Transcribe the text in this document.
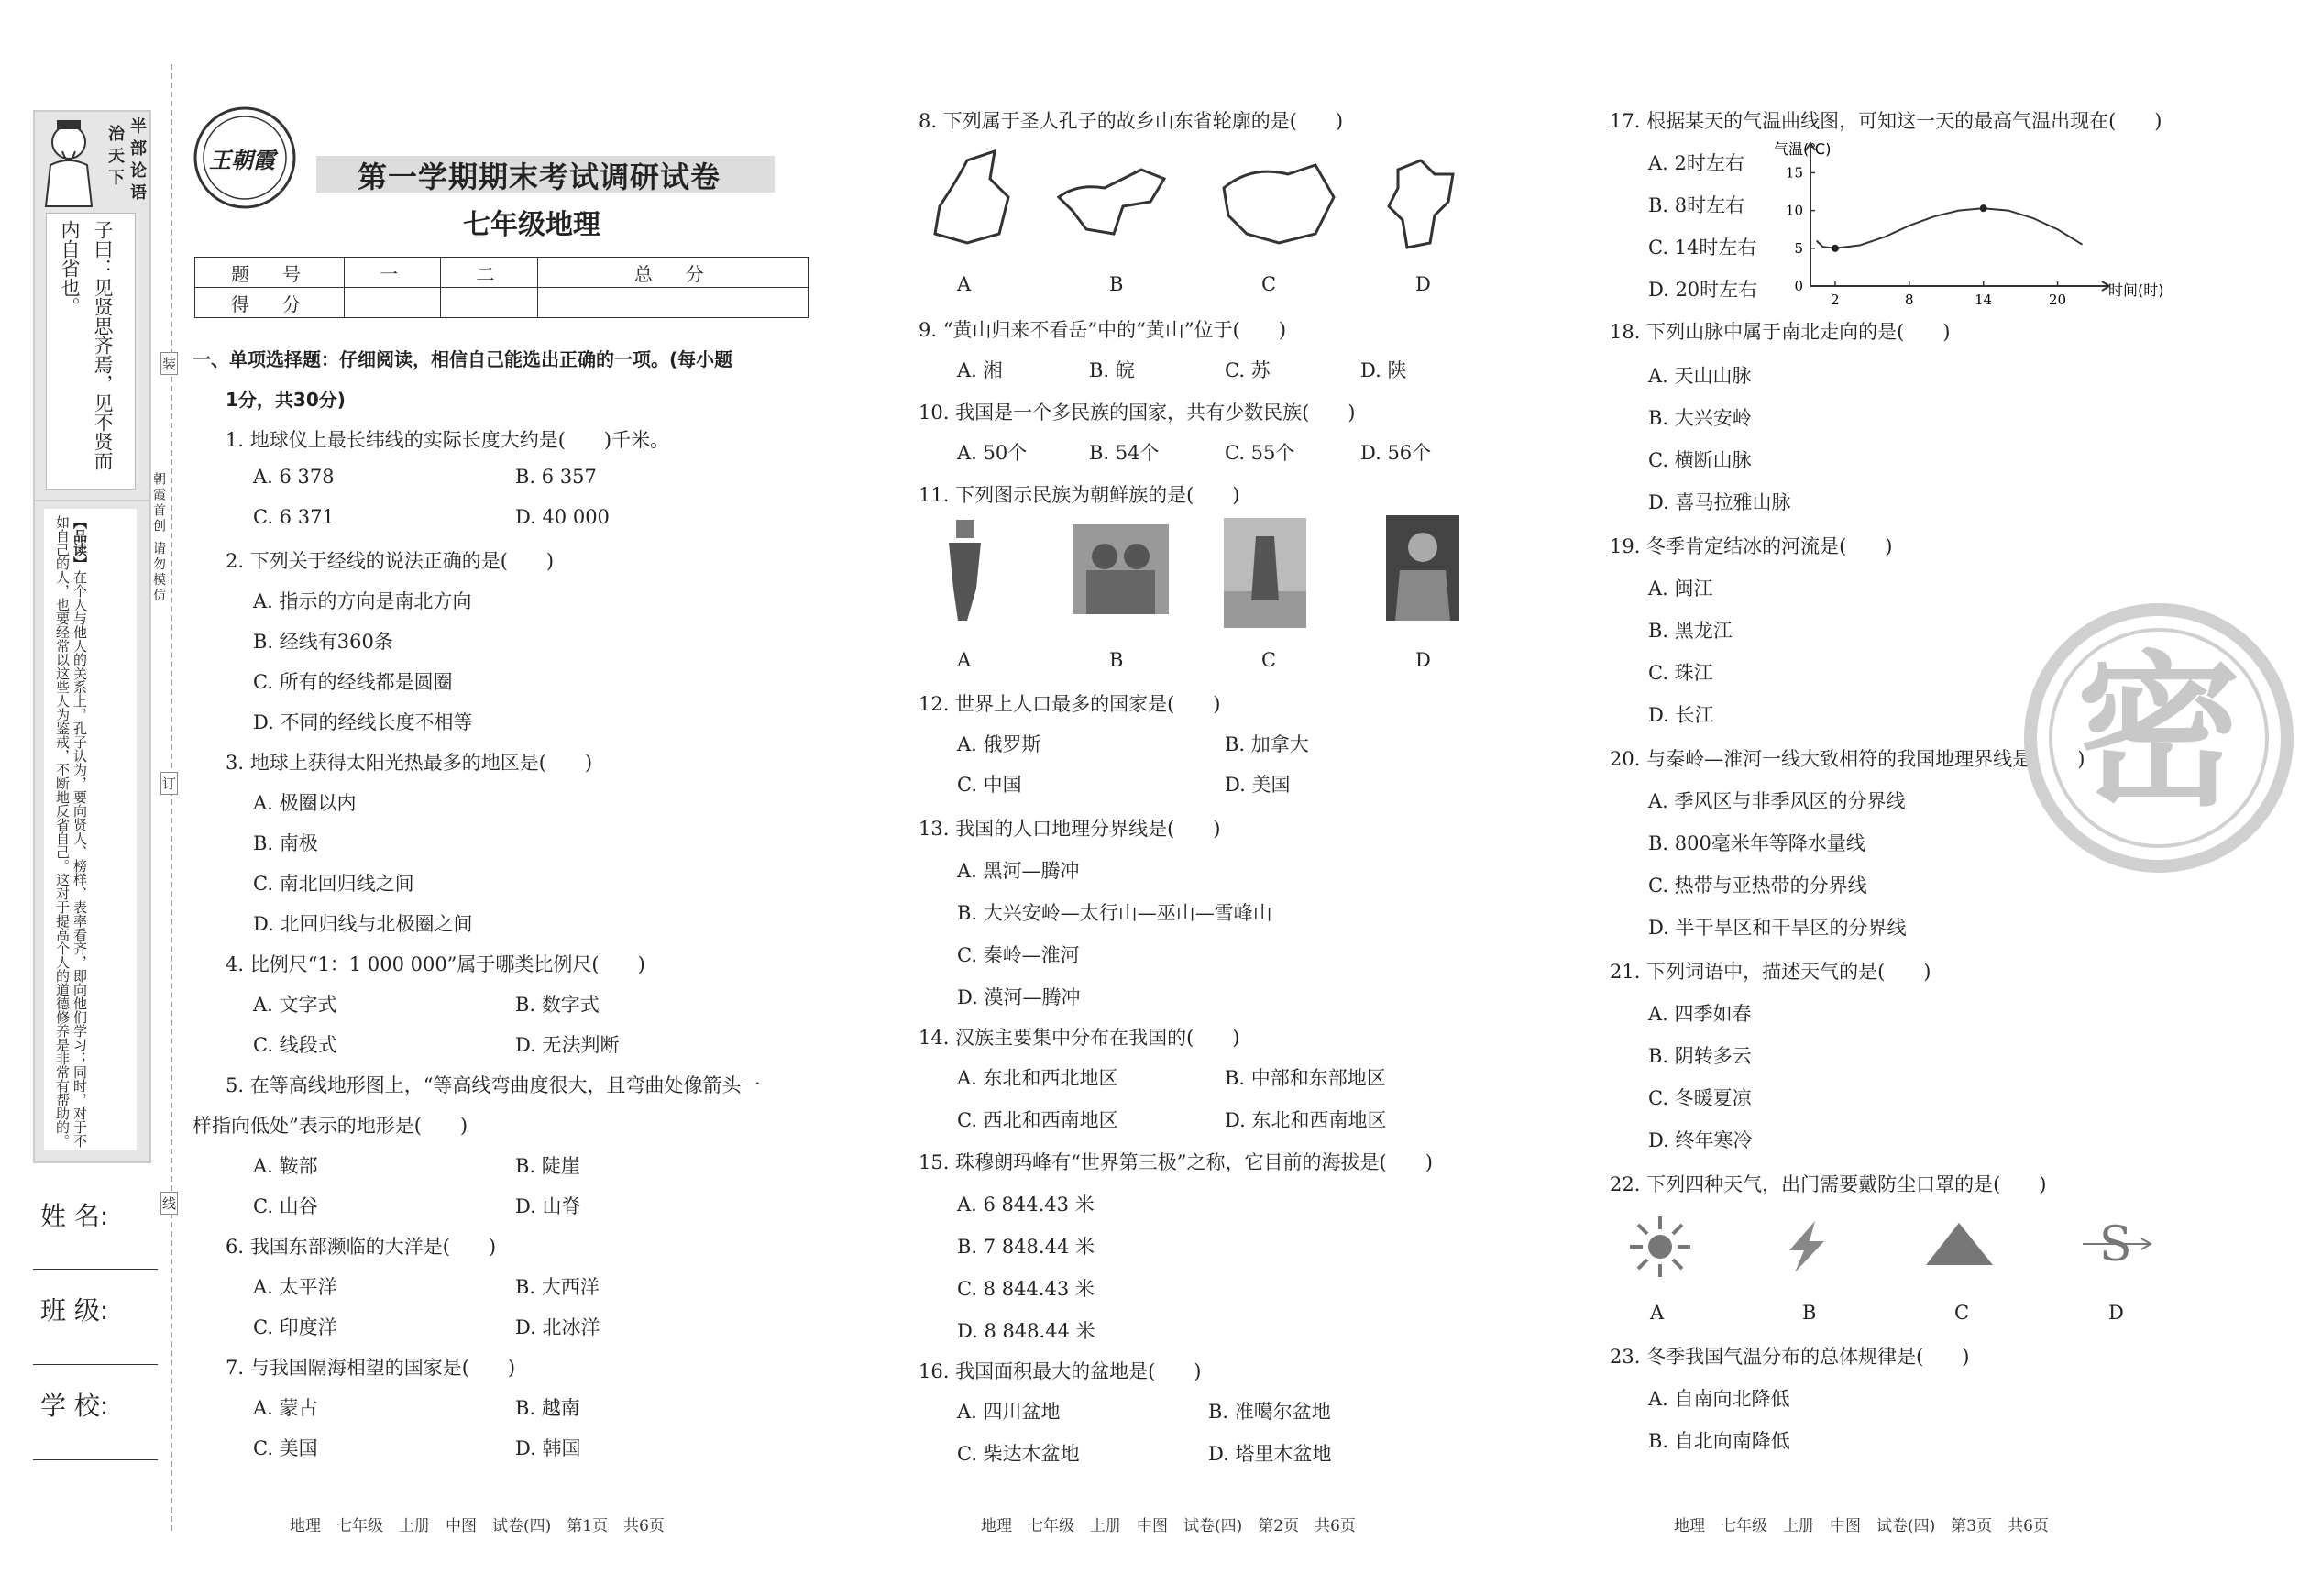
半部论语
治天下
子曰：见贤思齐焉，见不贤而内自省也。
【品读】在个人与他人的关系上，孔子认为，要向贤人、榜样、表率看齐，即向他们学习；同时，对于不如自己的人，也要经常以这些人为鉴戒，不断地反省自己。这对于提高个人的道德修养是非常有帮助的。
姓 名:
班 级:
学 校:
装
订
线
朝霞首创 请勿模仿
王朝霞	第一学期期末考试调研试卷
七年级地理
题　号	一	二	总　分
得　分			
一、单项选择题：仔细阅读，相信自己能选出正确的一项。(每小题
1分，共30分)
1. 地球仪上最长纬线的实际长度大约是(　　)千米。
A. 6 378	B. 6 357
C. 6 371	D. 40 000
2. 下列关于经线的说法正确的是(　　)
A. 指示的方向是南北方向
B. 经线有360条
C. 所有的经线都是圆圈
D. 不同的经线长度不相等
3. 地球上获得太阳光热最多的地区是(　　)
A. 极圈以内
B. 南极
C. 南北回归线之间
D. 北回归线与北极圈之间
4. 比例尺“1：1 000 000”属于哪类比例尺(　　)
A. 文字式	B. 数字式
C. 线段式	D. 无法判断
5. 在等高线地形图上，“等高线弯曲度很大，且弯曲处像箭头一
样指向低处”表示的地形是(　　)
A. 鞍部	B. 陡崖
C. 山谷	D. 山脊
6. 我国东部濒临的大洋是(　　)
A. 太平洋	B. 大西洋
C. 印度洋	D. 北冰洋
7. 与我国隔海相望的国家是(　　)
A. 蒙古	B. 越南
C. 美国	D. 韩国
地理　七年级　上册　中图　试卷(四)　第1页　共6页
8. 下列属于圣人孔子的故乡山东省轮廓的是(　　)
A	B	C	D
9. “黄山归来不看岳”中的“黄山”位于(　　)
A. 湘	B. 皖	C. 苏	D. 陕
10. 我国是一个多民族的国家，共有少数民族(　　)
A. 50个	B. 54个	C. 55个	D. 56个
11. 下列图示民族为朝鲜族的是(　　)
A	B	C	D
12. 世界上人口最多的国家是(　　)
A. 俄罗斯	B. 加拿大
C. 中国	D. 美国
13. 我国的人口地理分界线是(　　)
A. 黑河—腾冲
B. 大兴安岭—太行山—巫山—雪峰山
C. 秦岭—淮河
D. 漠河—腾冲
14. 汉族主要集中分布在我国的(　　)
A. 东北和西北地区	B. 中部和东部地区
C. 西北和西南地区	D. 东北和西南地区
15. 珠穆朗玛峰有“世界第三极”之称，它目前的海拔是(　　)
A. 6 844.43 米
B. 7 848.44 米
C. 8 844.43 米
D. 8 848.44 米
16. 我国面积最大的盆地是(　　)
A. 四川盆地	B. 准噶尔盆地
C. 柴达木盆地	D. 塔里木盆地
地理　七年级　上册　中图　试卷(四)　第2页　共6页
17. 根据某天的气温曲线图，可知这一天的最高气温出现在(　　)
A. 2时左右
B. 8时左右
C. 14时左右
D. 20时左右
气温(℃)
时间(时)
2	8	14	20
0
5
10
15
18. 下列山脉中属于南北走向的是(　　)
A. 天山山脉
B. 大兴安岭
C. 横断山脉
D. 喜马拉雅山脉
19. 冬季肯定结冰的河流是(　　)
A. 闽江
B. 黑龙江
C. 珠江
D. 长江
20. 与秦岭—淮河一线大致相符的我国地理界线是(　　)
A. 季风区与非季风区的分界线
B. 800毫米年等降水量线
C. 热带与亚热带的分界线
D. 半干旱区和干旱区的分界线
21. 下列词语中，描述天气的是(　　)
A. 四季如春
B. 阴转多云
C. 冬暖夏凉
D. 终年寒冷
22. 下列四种天气，出门需要戴防尘口罩的是(　　)
S
A	B	C	D
23. 冬季我国气温分布的总体规律是(　　)
A. 自南向北降低
B. 自北向南降低
地理　七年级　上册　中图　试卷(四)　第3页　共6页
密
